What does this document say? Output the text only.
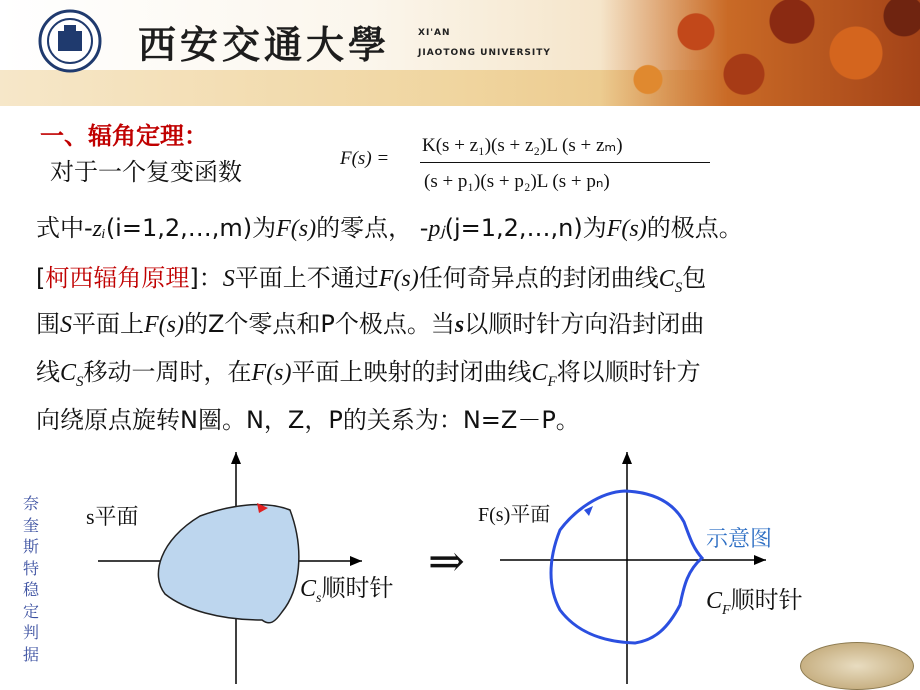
西安交通大學	XI'AN
JIAOTONG UNIVERSITY
一、辐角定理：
对于一个复变函数	F(s) =
K(s + z₁)(s + z₂)L (s + zₘ)
(s + p₁)(s + p₂)L (s + pₙ)
式中-zᵢ(i=1,2,…,m)为F(s)的零点， -pⱼ(j=1,2,…,n)为F(s)的极点。
[柯西辐角原理]：S平面上不通过F(s)任何奇异点的封闭曲线$C_S$包
围S平面上F(s)的Z个零点和P个极点。当s以顺时针方向沿封闭曲
线$C_S$移动一周时，在F(s)平面上映射的封闭曲线$C_F$将以顺时针方
向绕原点旋转N圈。N，Z，P的关系为：N=Z－P。
奈
奎
斯
特
稳
定
判
据
s平面
$C_s$顺时针
⇒
F(s)平面
示意图
$C_F$顺时针
